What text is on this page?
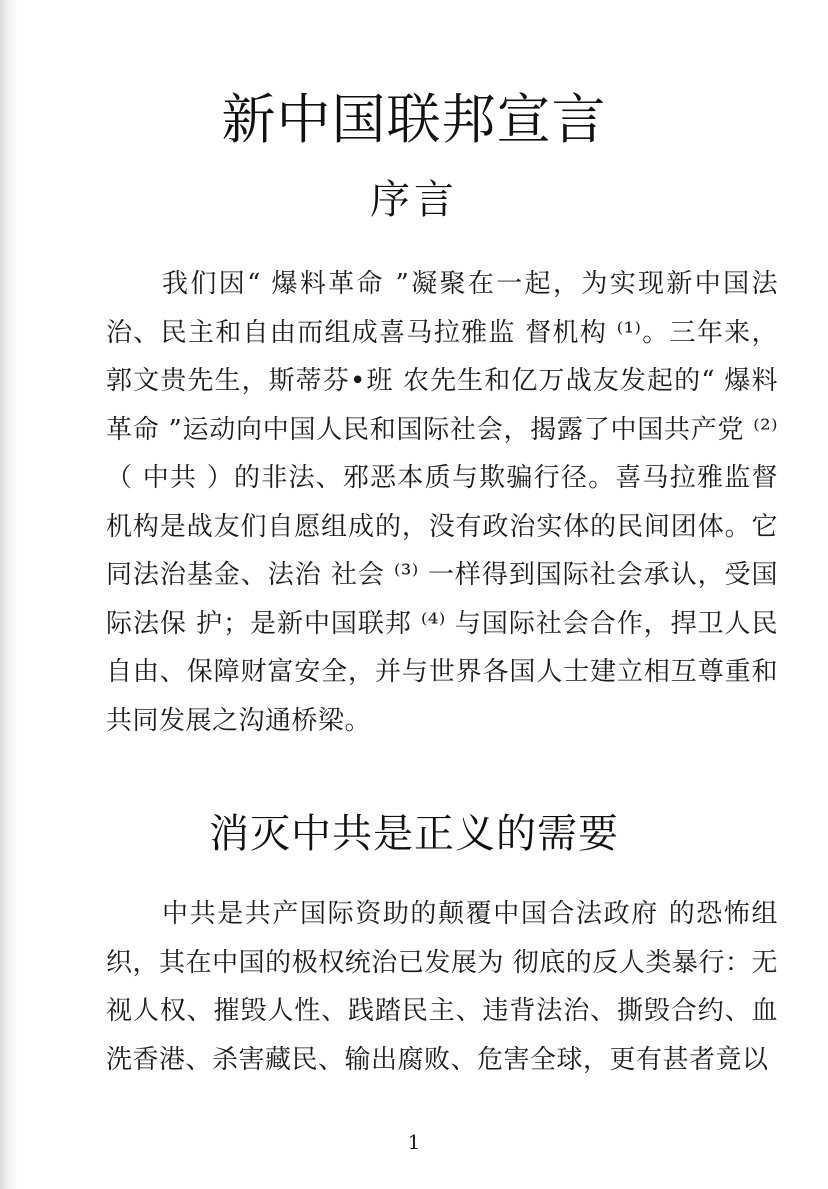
新中国联邦宣言
序言

我们因“ 爆料革命 ”凝聚在一起，为实现新中国法治、民主和自由而组成喜马拉雅监 督机构 ⁽¹⁾。三年来，郭文贵先生，斯蒂芬•班 农先生和亿万战友发起的“ 爆料革命 ”运动向中国人民和国际社会，揭露了中国共产党 ⁽²⁾（ 中共 ）的非法、邪恶本质与欺骗行径。喜马拉雅监督机构是战友们自愿组成的，没有政治实体的民间团体。它同法治基金、法治 社会 ⁽³⁾ 一样得到国际社会承认，受国际法保 护；是新中国联邦 ⁽⁴⁾ 与国际社会合作，捍卫人民自由、保障财富安全，并与世界各国人士建立相互尊重和共同发展之沟通桥梁。

消灭中共是正义的需要

中共是共产国际资助的颠覆中国合法政府 的恐怖组织，其在中国的极权统治已发展为 彻底的反人类暴行：无视人权、摧毁人性、践踏民主、违背法治、撕毁合约、血洗香港、杀害藏民、输出腐败、危害全球，更有甚者竟以

1
